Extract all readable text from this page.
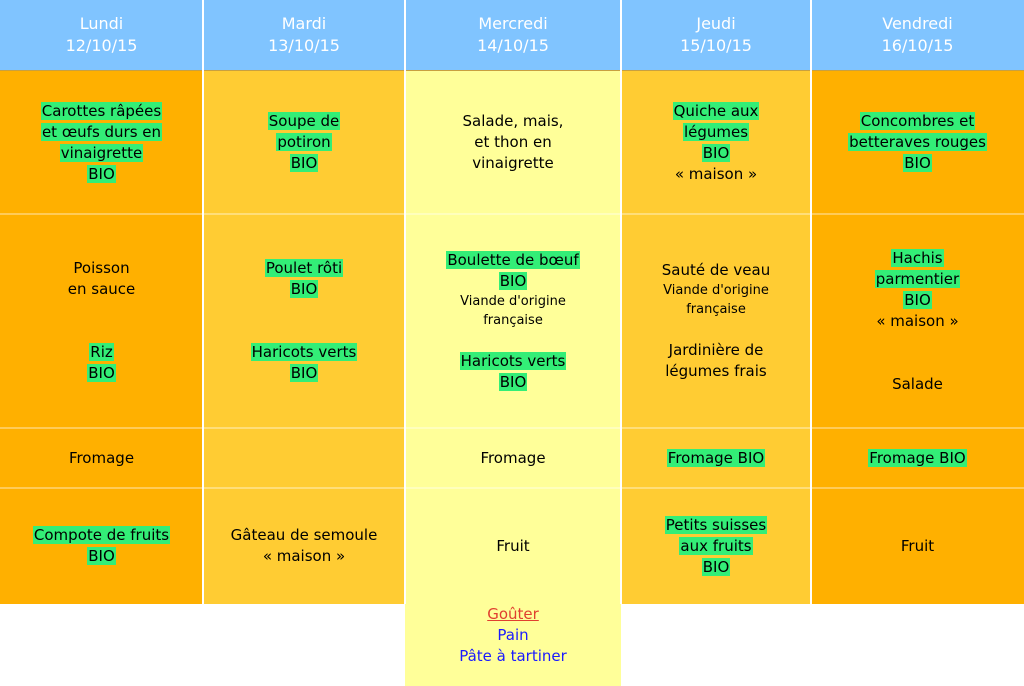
Lundi
12/10/15
Carottes râpées
et œufs durs en
vinaigrette
BIO
Poisson
en sauce
Riz
BIO
Fromage
Compote de fruits
BIO
Mardi
13/10/15
Soupe de
potiron
BIO
Poulet rôti
BIO
Haricots verts
BIO
Gâteau de semoule
« maison »
Mercredi
14/10/15
Salade, mais,
et thon en
vinaigrette
Boulette de bœuf
BIO
Viande d'origine
française
Haricots verts
BIO
Fromage
Fruit
Jeudi
15/10/15
Quiche aux
légumes
BIO
« maison »
Sauté de veau
Viande d'origine
française
Jardinière de
légumes frais
Fromage BIO
Petits suisses
aux fruits
BIO
Vendredi
16/10/15
Concombres et
betteraves rouges
BIO
Hachis
parmentier
BIO
« maison »
Salade
Fromage BIO
Fruit
Goûter
Pain
Pâte à tartiner
